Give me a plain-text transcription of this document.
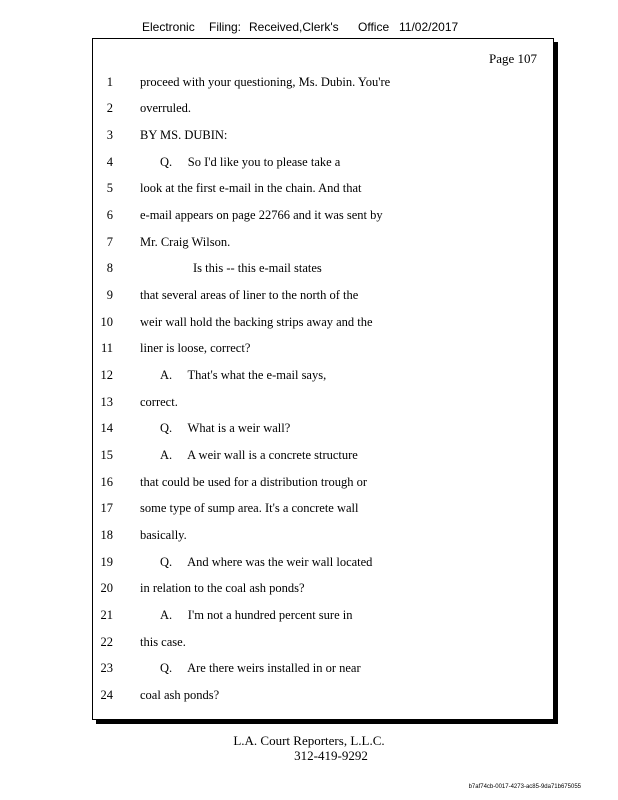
Electronic Filing: Received,Clerk's Office 11/02/2017
Page 107
1 proceed with your questioning, Ms. Dubin. You're
2 overruled.
3 BY MS. DUBIN:
4	Q.     So I'd like you to please take a
5 look at the first e-mail in the chain. And that
6 e-mail appears on page 22766 and it was sent by
7 Mr. Craig Wilson.
8	Is this -- this e-mail states
9 that several areas of liner to the north of the
10 weir wall hold the backing strips away and the
11 liner is loose, correct?
12	A.     That's what the e-mail says,
13 correct.
14	Q.     What is a weir wall?
15	A.     A weir wall is a concrete structure
16 that could be used for a distribution trough or
17 some type of sump area. It's a concrete wall
18 basically.
19	Q.     And where was the weir wall located
20 in relation to the coal ash ponds?
21	A.     I'm not a hundred percent sure in
22 this case.
23	Q.     Are there weirs installed in or near
24 coal ash ponds?
L.A. Court Reporters, L.L.C.
312-419-9292
b7af74cb-0017-4273-ac85-9da71b675055
